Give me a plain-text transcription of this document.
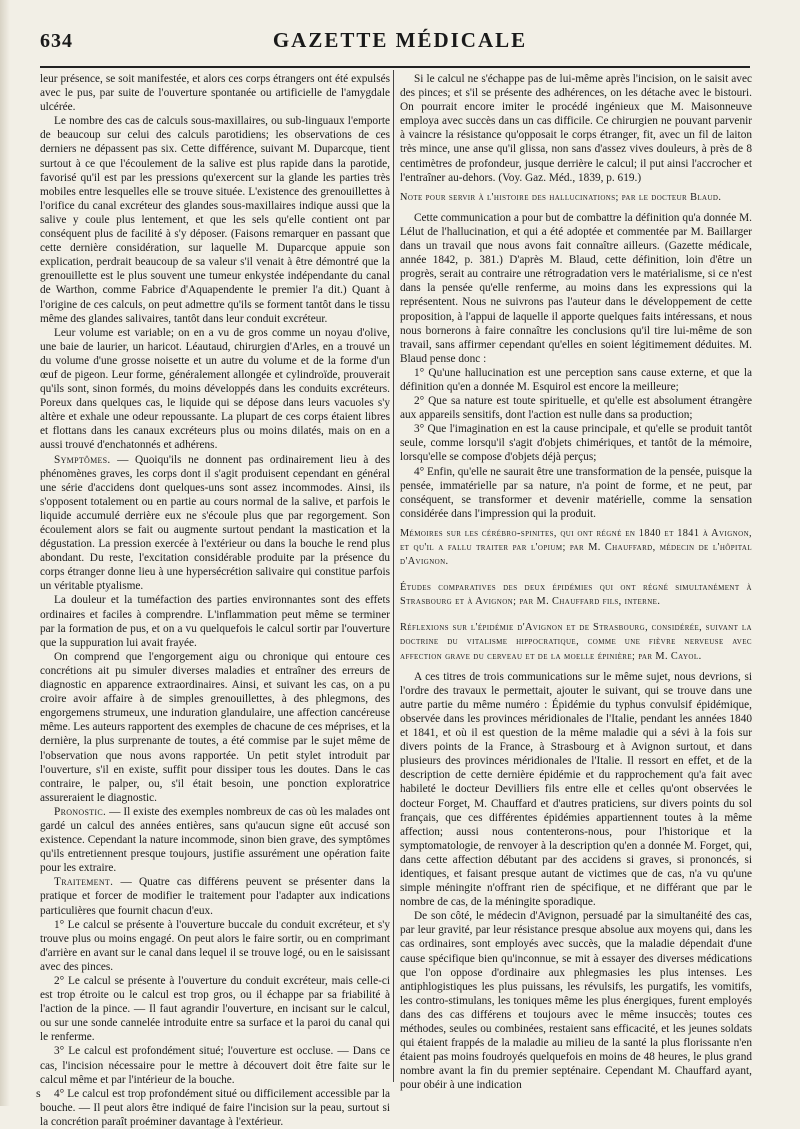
634	GAZETTE MÉDICALE

leur présence, se soit manifestée, et alors ces corps étrangers ont été expulsés avec le pus, par suite de l'ouverture spontanée ou artificielle de l'amygdale ulcérée.

Le nombre des cas de calculs sous-maxillaires, ou sub-linguaux l'emporte de beaucoup sur celui des calculs parotidiens; les observations de ces derniers ne dépassent pas six. Cette différence, suivant M. Duparcque, tient surtout à ce que l'écoulement de la salive est plus rapide dans la parotide, favorisé qu'il est par les pressions qu'exercent sur la glande les parties très mobiles entre lesquelles elle se trouve située. L'existence des grenouillettes à l'orifice du canal excréteur des glandes sous-maxillaires indique aussi que la salive y coule plus lentement, et que les sels qu'elle contient ont par conséquent plus de facilité à s'y déposer. (Faisons remarquer en passant que cette dernière considération, sur laquelle M. Duparcque appuie son explication, perdrait beaucoup de sa valeur s'il venait à être démontré que la grenouillette est le plus souvent une tumeur enkystée indépendante du canal de Warthon, comme Fabrice d'Aquapendente le premier l'a dit.) Quant à l'origine de ces calculs, on peut admettre qu'ils se forment tantôt dans le tissu même des glandes salivaires, tantôt dans leur conduit excréteur.

Leur volume est variable; on en a vu de gros comme un noyau d'olive, une baie de laurier, un haricot. Léautaud, chirurgien d'Arles, en a trouvé un du volume d'une grosse noisette et un autre du volume et de la forme d'un œuf de pigeon. Leur forme, généralement allongée et cylindroïde, prouverait qu'ils sont, sinon formés, du moins développés dans les conduits excréteurs. Poreux dans quelques cas, le liquide qui se dépose dans leurs vacuoles s'y altère et exhale une odeur repoussante. La plupart de ces corps étaient libres et flottans dans les canaux excréteurs plus ou moins dilatés, mais on en a aussi trouvé d'enchatonnés et adhérens.

Symptômes. — Quoiqu'ils ne donnent pas ordinairement lieu à des phénomènes graves, les corps dont il s'agit produisent cependant en général une série d'accidens dont quelques-uns sont assez incommodes. Ainsi, ils s'opposent totalement ou en partie au cours normal de la salive, et parfois le liquide accumulé derrière eux ne s'écoule plus que par regorgement. Son écoulement alors se fait ou augmente surtout pendant la mastication et la dégustation. La pression exercée à l'extérieur ou dans la bouche le rend plus abondant. Du reste, l'excitation considérable produite par la présence du corps étranger donne lieu à une hypersécrétion salivaire qui constitue parfois un véritable ptyalisme.

La douleur et la tuméfaction des parties environnantes sont des effets ordinaires et faciles à comprendre. L'inflammation peut même se terminer par la formation de pus, et on a vu quelquefois le calcul sortir par l'ouverture que la suppuration lui avait frayée.

On comprend que l'engorgement aigu ou chronique qui entoure ces concrétions ait pu simuler diverses maladies et entraîner des erreurs de diagnostic en apparence extraordinaires. Ainsi, et suivant les cas, on a pu croire avoir affaire à de simples grenouillettes, à des phlegmons, des engorgemens strumeux, une induration glandulaire, une affection cancéreuse même. Les auteurs rapportent des exemples de chacune de ces méprises, et la dernière, la plus surprenante de toutes, a été commise par le sujet même de l'observation que nous avons rapportée. Un petit stylet introduit par l'ouverture, s'il en existe, suffit pour dissiper tous les doutes. Dans le cas contraire, le palper, ou, s'il était besoin, une ponction exploratrice assureraient le diagnostic.

Pronostic. — Il existe des exemples nombreux de cas où les malades ont gardé un calcul des années entières, sans qu'aucun signe eût accusé son existence. Cependant la nature incommode, sinon bien grave, des symptômes qu'ils entretiennent presque toujours, justifie assurément une opération faite pour les extraire.

Traitement. — Quatre cas différens peuvent se présenter dans la pratique et forcer de modifier le traitement pour l'adapter aux indications particulières que fournit chacun d'eux.

1° Le calcul se présente à l'ouverture buccale du conduit excréteur, et s'y trouve plus ou moins engagé. On peut alors le faire sortir, ou en comprimant d'arrière en avant sur le canal dans lequel il se trouve logé, ou en le saisissant avec des pinces.

2° Le calcul se présente à l'ouverture du conduit excréteur, mais celle-ci est trop étroite ou le calcul est trop gros, ou il échappe par sa friabilité à l'action de la pince. — Il faut agrandir l'ouverture, en incisant sur le calcul, ou sur une sonde cannelée introduite entre sa surface et la paroi du canal qui le renferme.

3° Le calcul est profondément situé; l'ouverture est occluse. — Dans ce cas, l'incision nécessaire pour le mettre à découvert doit être faite sur le calcul même et par l'intérieur de la bouche.

4° Le calcul est trop profondément situé ou difficilement accessible par la bouche. — Il peut alors être indiqué de faire l'incision sur la peau, surtout si la concrétion paraît proéminer davantage à l'extérieur.

Si le calcul ne s'échappe pas de lui-même après l'incision, on le saisit avec des pinces; et s'il se présente des adhérences, on les détache avec le bistouri. On pourrait encore imiter le procédé ingénieux que M. Maisonneuve employa avec succès dans un cas difficile. Ce chirurgien ne pouvant parvenir à vaincre la résistance qu'opposait le corps étranger, fit, avec un fil de laiton très mince, une anse qu'il glissa, non sans d'assez vives douleurs, à près de 8 centimètres de profondeur, jusque derrière le calcul; il put ainsi l'accrocher et l'entraîner au-dehors. (Voy. Gaz. Méd., 1839, p. 619.)

Note pour servir à l'histoire des hallucinations; par le docteur Blaud.

Cette communication a pour but de combattre la définition qu'a donnée M. Lélut de l'hallucination, et qui a été adoptée et commentée par M. Baillarger dans un travail que nous avons fait connaître ailleurs. (Gazette médicale, année 1842, p. 381.) D'après M. Blaud, cette définition, loin d'être un progrès, serait au contraire une rétrogradation vers le matérialisme, si ce n'est dans la pensée qu'elle renferme, au moins dans les expressions qui la représentent. Nous ne suivrons pas l'auteur dans le développement de cette proposition, à l'appui de laquelle il apporte quelques faits intéressans, et nous nous bornerons à faire connaître les conclusions qu'il tire lui-même de son travail, sans affirmer cependant qu'elles en soient légitimement déduites. M. Blaud pense donc :

1° Qu'une hallucination est une perception sans cause externe, et que la définition qu'en a donnée M. Esquirol est encore la meilleure;

2° Que sa nature est toute spirituelle, et qu'elle est absolument étrangère aux appareils sensitifs, dont l'action est nulle dans sa production;

3° Que l'imagination en est la cause principale, et qu'elle se produit tantôt seule, comme lorsqu'il s'agit d'objets chimériques, et tantôt de la mémoire, lorsqu'elle se compose d'objets déjà perçus;

4° Enfin, qu'elle ne saurait être une transformation de la pensée, puisque la pensée, immatérielle par sa nature, n'a point de forme, et ne peut, par conséquent, se transformer et devenir matérielle, comme la sensation considérée dans l'impression qui la produit.

Mémoires sur les cérébro-spinites, qui ont régné en 1840 et 1841 à Avignon, et qu'il a fallu traiter par l'opium; par M. Chauffard, médecin de l'hôpital d'Avignon.

Études comparatives des deux épidémies qui ont régné simultanément à Strasbourg et à Avignon; par M. Chauffard fils, interne.

Réflexions sur l'épidémie d'Avignon et de Strasbourg, considérée, suivant la doctrine du vitalisme hippocratique, comme une fièvre nerveuse avec affection grave du cerveau et de la moelle épinière; par M. Cayol.

A ces titres de trois communications sur le même sujet, nous devrions, si l'ordre des travaux le permettait, ajouter le suivant, qui se trouve dans une autre partie du même numéro : Épidémie du typhus convulsif épidémique, observée dans les provinces méridionales de l'Italie, pendant les années 1840 et 1841, et où il est question de la même maladie qui a sévi à la fois sur divers points de la France, à Strasbourg et à Avignon surtout, et dans plusieurs des provinces méridionales de l'Italie. Il ressort en effet, et de la description de cette dernière épidémie et du rapprochement qu'a fait avec habileté le docteur Devilliers fils entre elle et celles qu'ont observées le docteur Forget, M. Chauffard et d'autres praticiens, sur divers points du sol français, que ces différentes épidémies appartiennent toutes à la même affection; aussi nous contenterons-nous, pour l'historique et la symptomatologie, de renvoyer à la description qu'en a donnée M. Forget, qui, dans cette affection débutant par des accidens si graves, si prononcés, si identiques, et faisant presque autant de victimes que de cas, n'a vu qu'une simple méningite n'offrant rien de spécifique, et ne différant que par le nombre de cas, de la méningite sporadique.

De son côté, le médecin d'Avignon, persuadé par la simultanéité des cas, par leur gravité, par leur résistance presque absolue aux moyens qui, dans les cas ordinaires, sont employés avec succès, que la maladie dépendait d'une cause spécifique bien qu'inconnue, se mit à essayer des diverses médications que l'on oppose d'ordinaire aux phlegmasies les plus intenses. Les antiphlogistiques les plus puissans, les révulsifs, les purgatifs, les vomitifs, les contro-stimulans, les toniques même les plus énergiques, furent employés dans des cas différens et toujours avec le même insuccès; toutes ces méthodes, seules ou combinées, restaient sans efficacité, et les jeunes soldats qui étaient frappés de la maladie au milieu de la santé la plus florissante n'en étaient pas moins foudroyés quelquefois en moins de 48 heures, le plus grand nombre avant la fin du premier septénaire. Cependant M. Chauffard ayant, pour obéir à une indication

s
